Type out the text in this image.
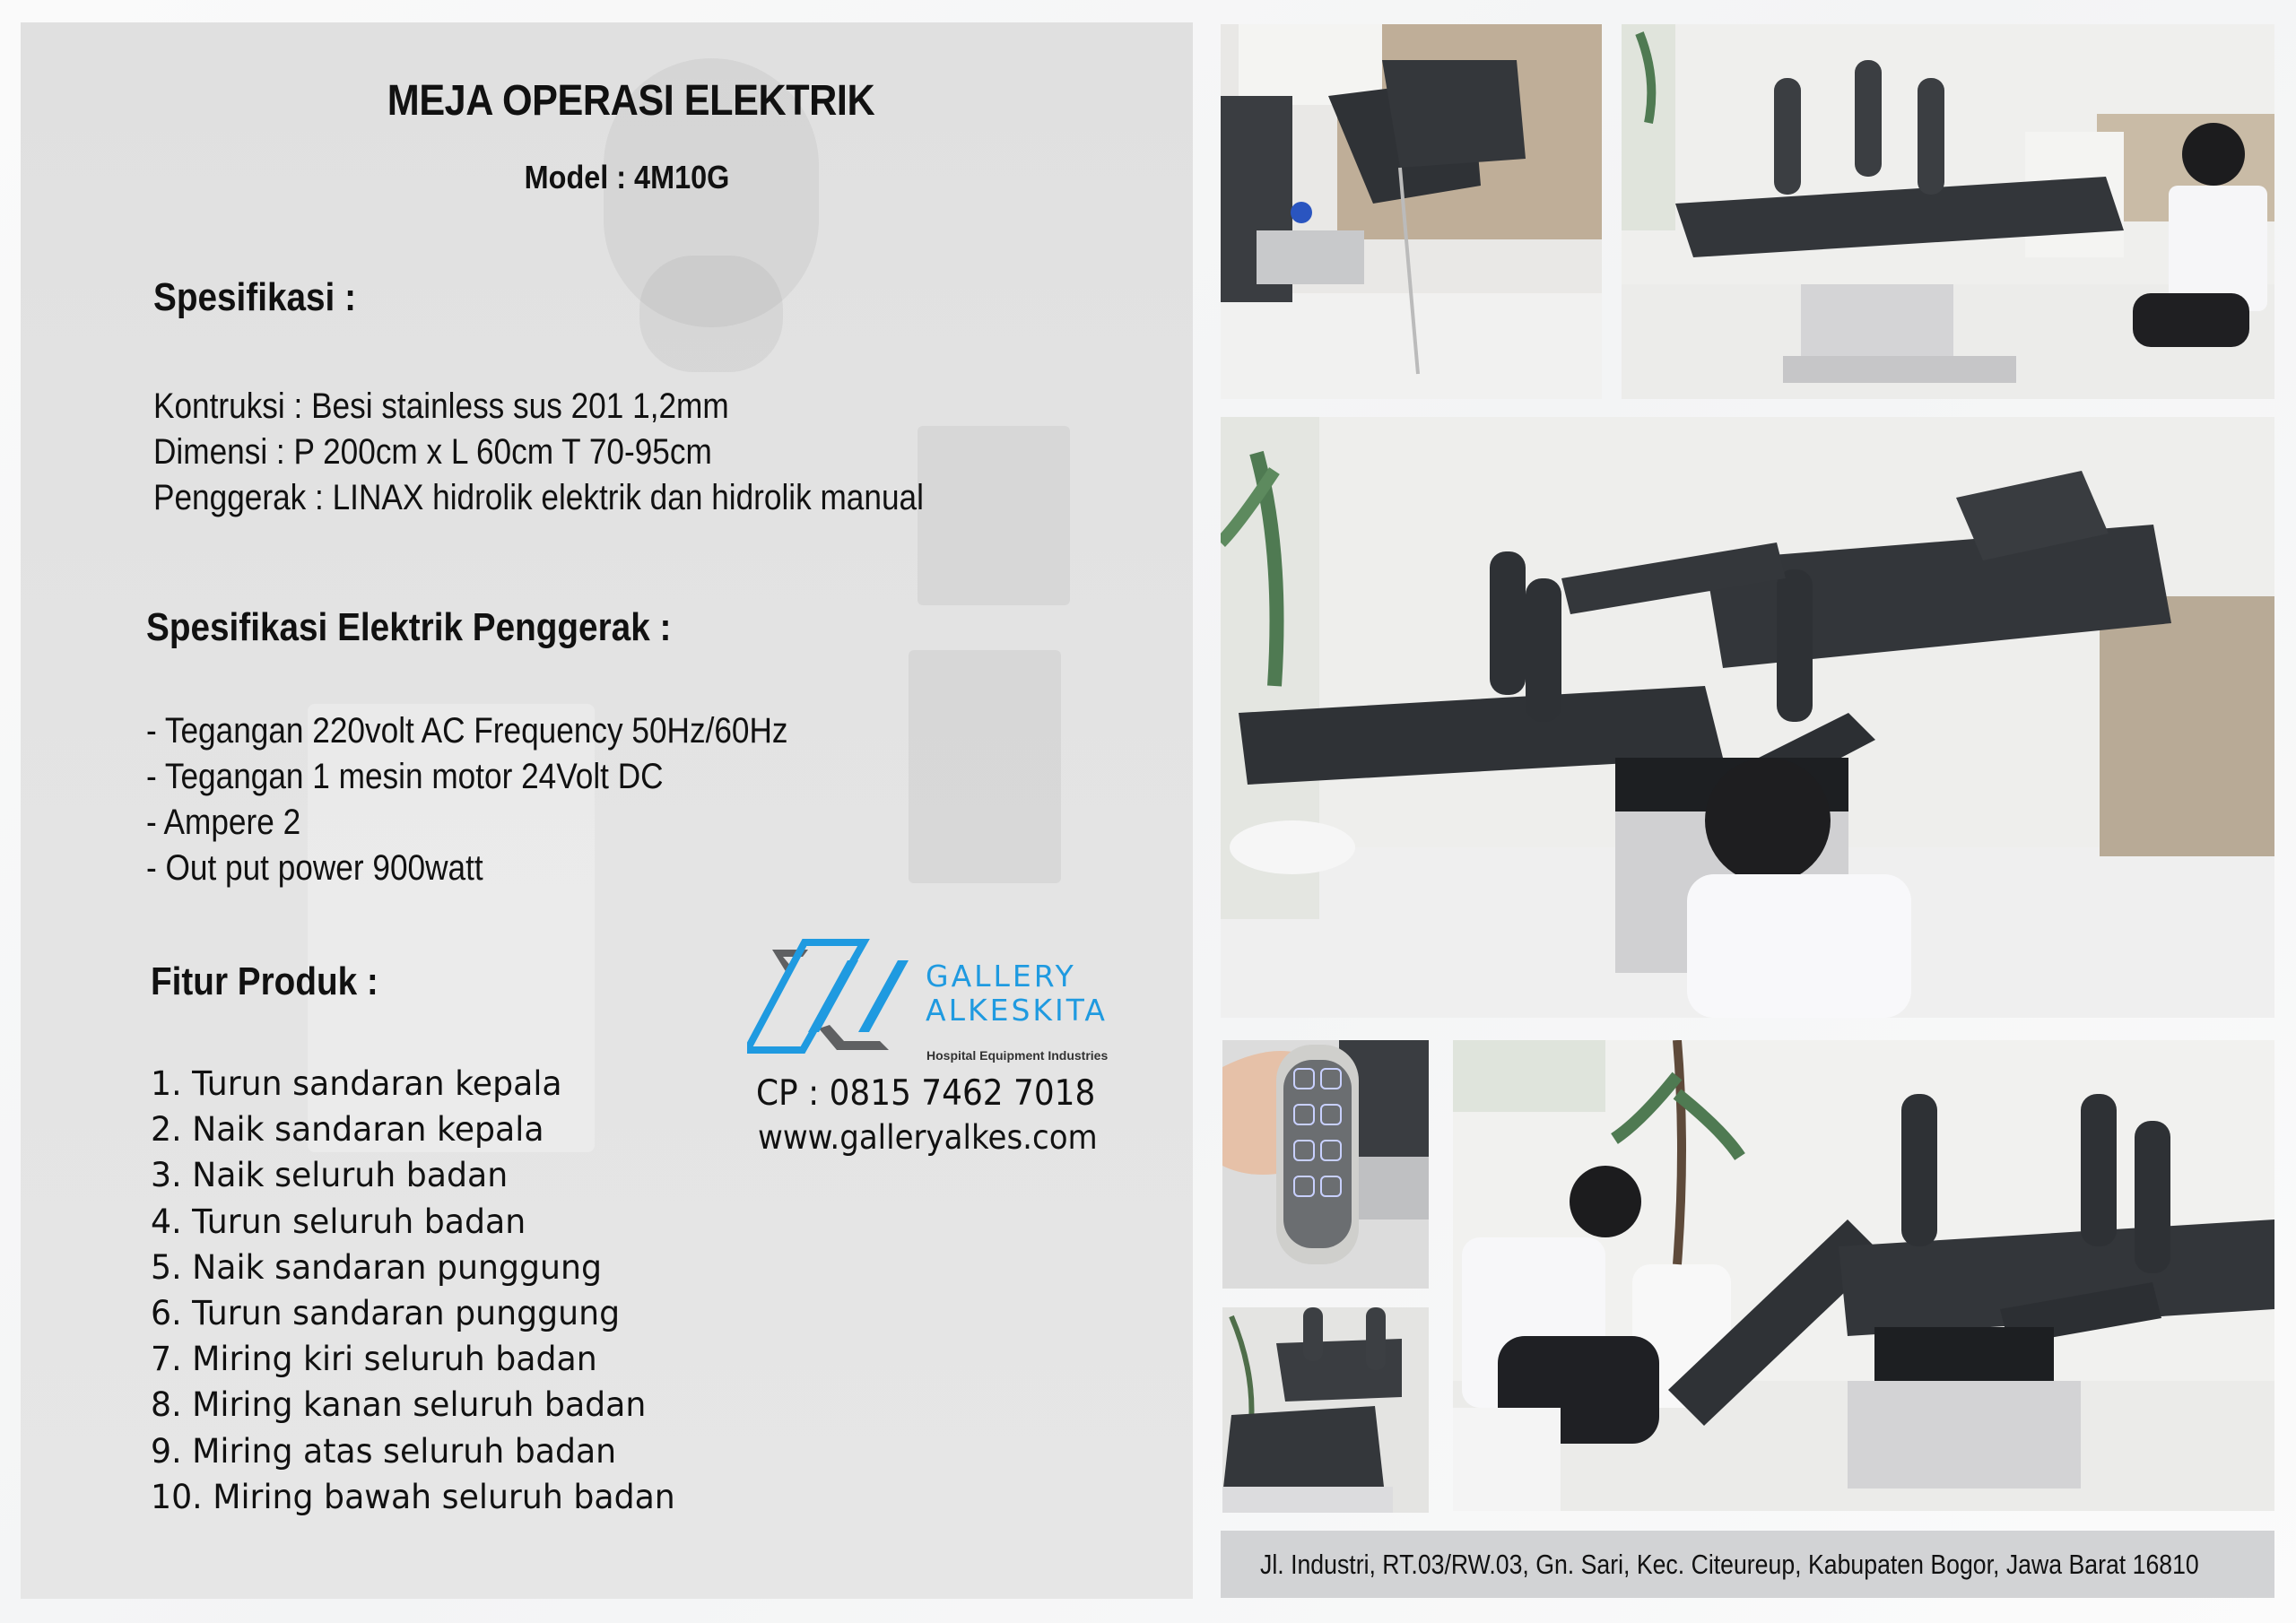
MEJA OPERASI ELEKTRIK
Model : 4M10G
Spesifikasi :
Kontruksi : Besi stainless sus 201 1,2mm
Dimensi : P 200cm x L 60cm T 70-95cm
Penggerak : LINAX hidrolik elektrik dan hidrolik manual
Spesifikasi Elektrik Penggerak :
- Tegangan 220volt AC Frequency 50Hz/60Hz
- Tegangan 1 mesin motor 24Volt DC
- Ampere 2
- Out put power 900watt
Fitur Produk :
1. Turun sandaran kepala
2. Naik sandaran kepala
3. Naik seluruh badan
4. Turun seluruh badan
5. Naik sandaran punggung
6. Turun sandaran punggung
7. Miring kiri seluruh badan
8. Miring kanan seluruh badan
9. Miring atas seluruh badan
10. Miring bawah seluruh badan
GALLERY
ALKESKITA
Hospital Equipment Industries
CP : 0815 7462 7018
www.galleryalkes.com
Jl. Industri, RT.03/RW.03, Gn. Sari, Kec. Citeureup, Kabupaten Bogor, Jawa Barat 16810
